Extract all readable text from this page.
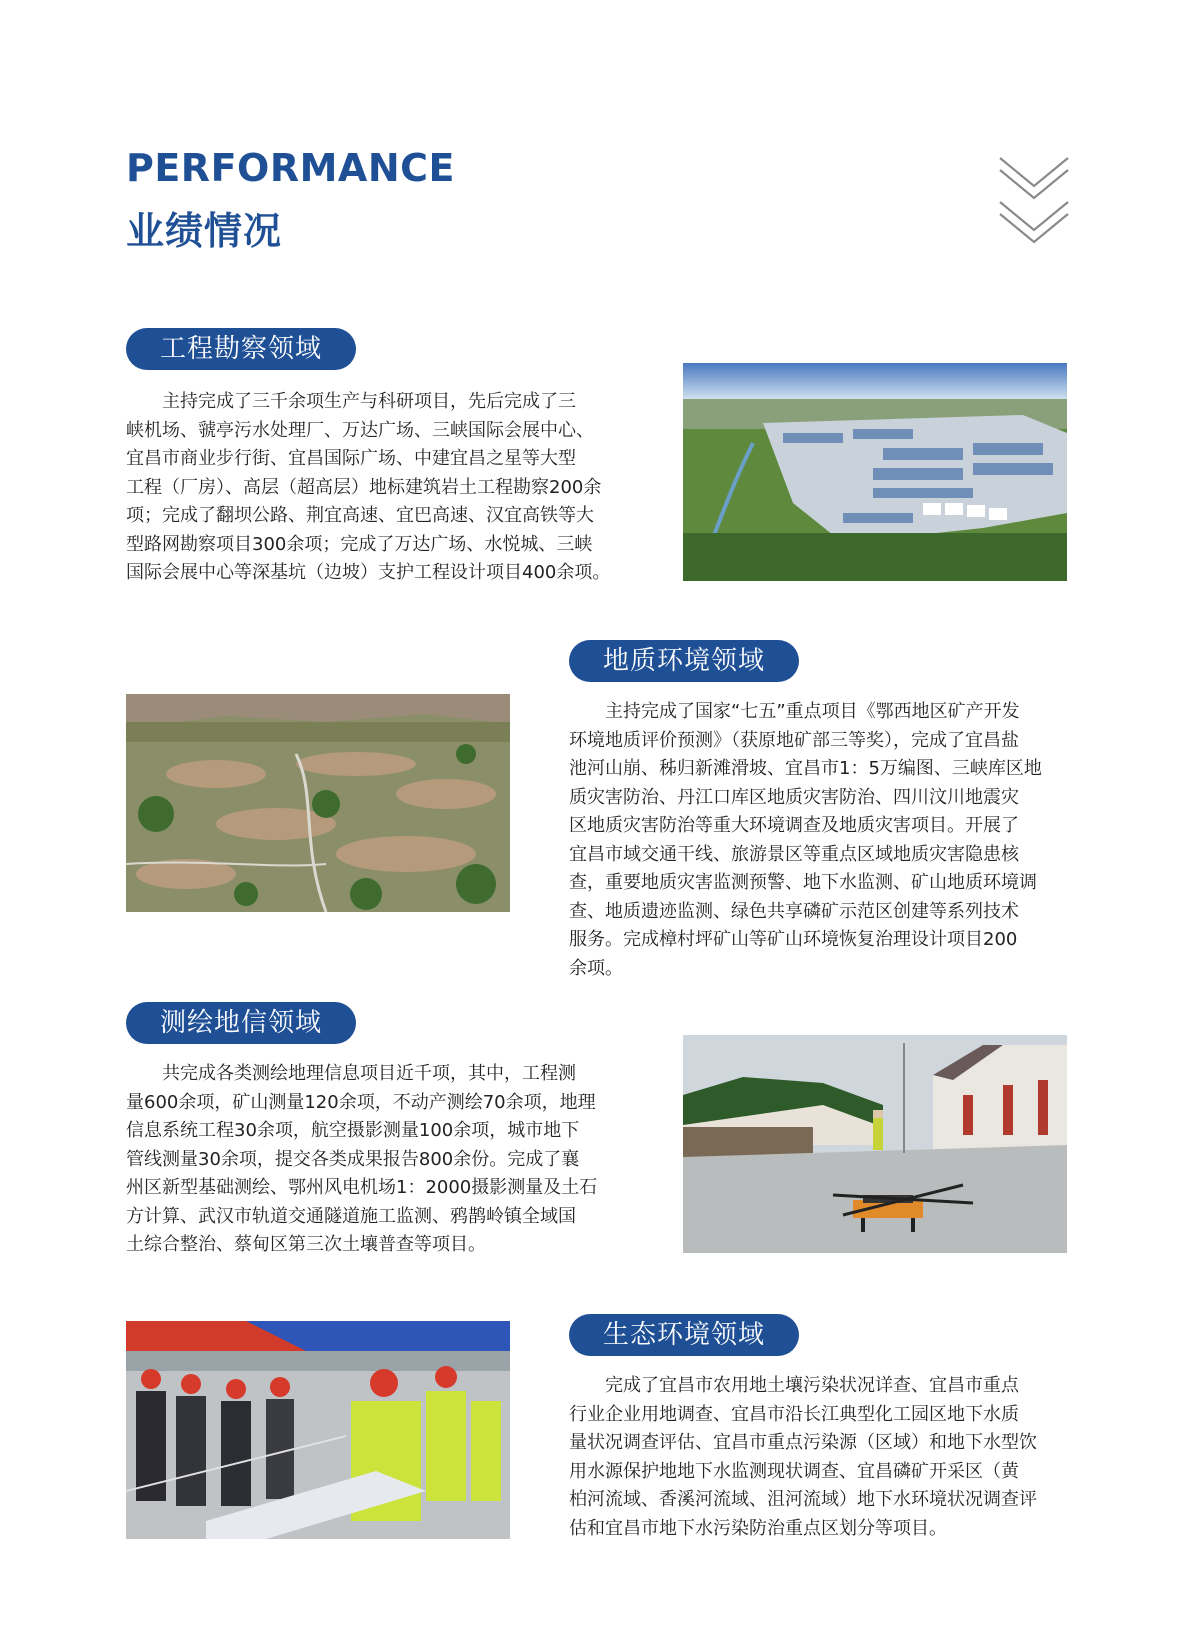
PERFORMANCE
业绩情况
工程勘察领域
　　主持完成了三千余项生产与科研项目，先后完成了三
峡机场、虢亭污水处理厂、万达广场、三峡国际会展中心、
宜昌市商业步行街、宜昌国际广场、中建宜昌之星等大型
工程（厂房）、高层（超高层）地标建筑岩土工程勘察200余
项；完成了翻坝公路、荆宜高速、宜巴高速、汉宜高铁等大
型路网勘察项目300余项；完成了万达广场、水悦城、三峡
国际会展中心等深基坑（边坡）支护工程设计项目400余项。
地质环境领域
　　主持完成了国家“七五”重点项目《鄂西地区矿产开发
环境地质评价预测》（获原地矿部三等奖），完成了宜昌盐
池河山崩、秭归新滩滑坡、宜昌市1：5万编图、三峡库区地
质灾害防治、丹江口库区地质灾害防治、四川汶川地震灾
区地质灾害防治等重大环境调查及地质灾害项目。开展了
宜昌市域交通干线、旅游景区等重点区域地质灾害隐患核
查，重要地质灾害监测预警、地下水监测、矿山地质环境调
查、地质遗迹监测、绿色共享磷矿示范区创建等系列技术
服务。完成樟村坪矿山等矿山环境恢复治理设计项目200
余项。
测绘地信领域
　　共完成各类测绘地理信息项目近千项，其中，工程测
量600余项，矿山测量120余项，不动产测绘70余项，地理
信息系统工程30余项，航空摄影测量100余项，城市地下
管线测量30余项，提交各类成果报告800余份。完成了襄
州区新型基础测绘、鄂州风电机场1：2000摄影测量及土石
方计算、武汉市轨道交通隧道施工监测、鸦鹊岭镇全域国
土综合整治、蔡甸区第三次土壤普查等项目。
生态环境领域
　　完成了宜昌市农用地土壤污染状况详查、宜昌市重点
行业企业用地调查、宜昌市沿长江典型化工园区地下水质
量状况调查评估、宜昌市重点污染源（区域）和地下水型饮
用水源保护地地下水监测现状调查、宜昌磷矿开采区（黄
柏河流域、香溪河流域、沮河流域）地下水环境状况调查评
估和宜昌市地下水污染防治重点区划分等项目。
